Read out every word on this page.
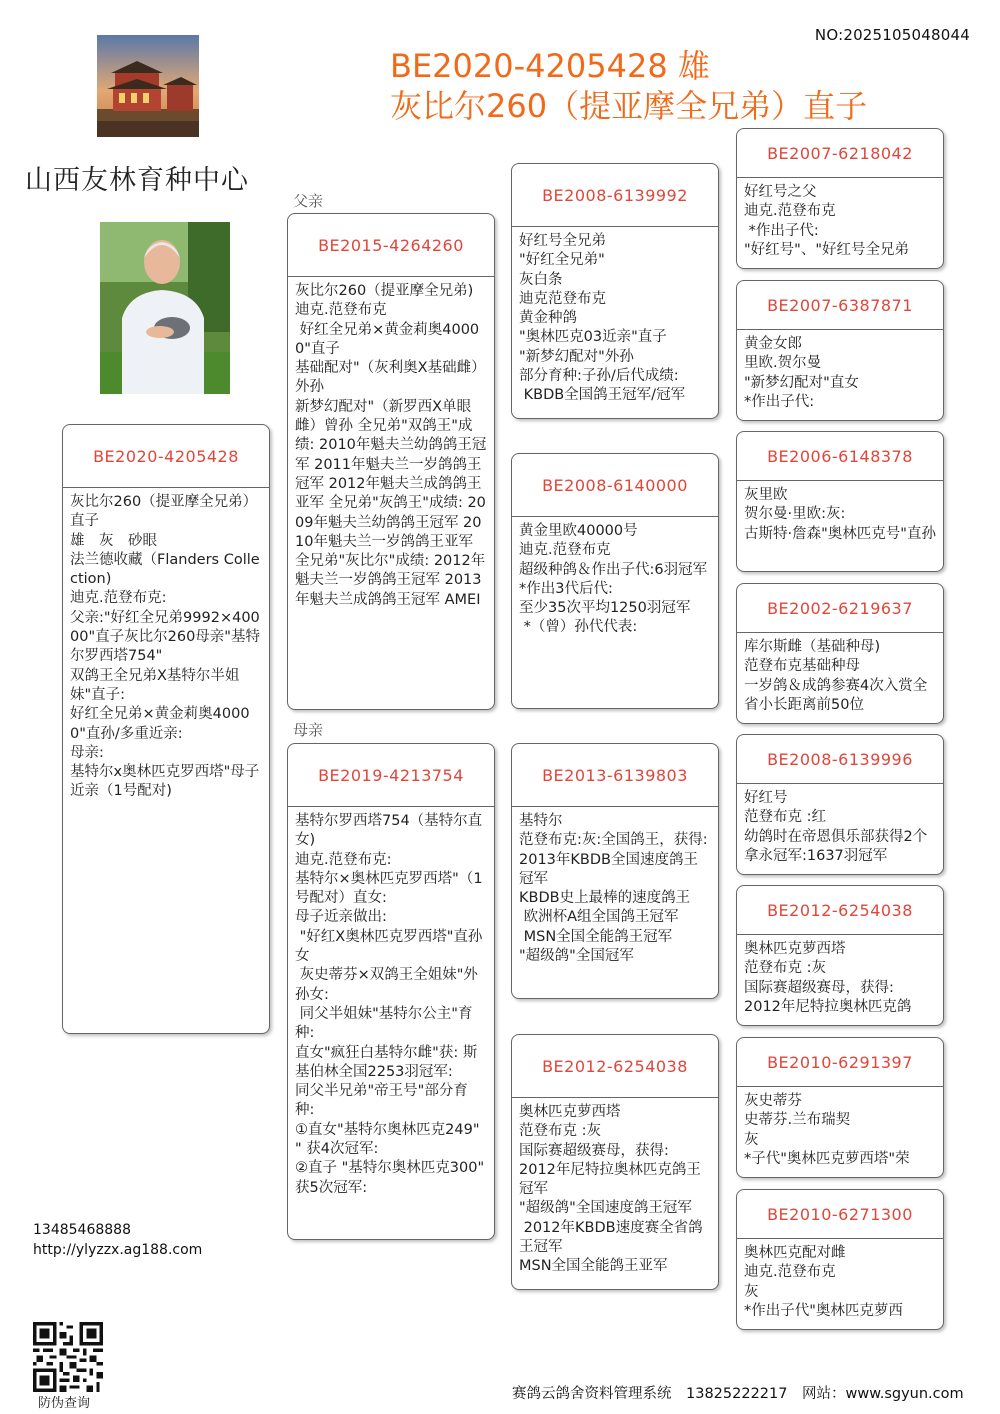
NO:2025105048044
BE2020-4205428 雄
灰比尔260（提亚摩全兄弟）直子
山西友林育种中心
父亲
母亲
BE2020-4205428
灰比尔260（提亚摩全兄弟）直子
雄　灰　砂眼
法兰德收藏（Flanders Collection)
迪克.范登布克:
父亲:"好红全兄弟9992×40000"直子灰比尔260母亲"基特尔罗西塔754"
双鸽王全兄弟X基特尔半姐妹"直子:
好红全兄弟×黄金莉奥40000"直孙/多重近亲:
母亲:
基特尔x奥林匹克罗西塔"母子近亲（1号配对)
BE2015-4264260
灰比尔260（提亚摩全兄弟)
迪克.范登布克
好红全兄弟×黄金莉奥40000"直子
基础配对"（灰利奥X基础雌）外孙
新梦幻配对"（新罗西X单眼雌）曾孙 全兄弟"双鸽王"成绩: 2010年魁夫兰幼鸽鸽王冠军 2011年魁夫兰一岁鸽鸽王冠军 2012年魁夫兰成鸽鸽王亚军 全兄弟"灰鸽王"成绩: 2009年魁夫兰幼鸽鸽王冠军 2010年魁夫兰一岁鸽鸽王亚军 全兄弟"灰比尔"成绩: 2012年魁夫兰一岁鸽鸽王冠军 2013年魁夫兰成鸽鸽王冠军 AMEI
BE2019-4213754
基特尔罗西塔754（基特尔直女)
迪克.范登布克:
基特尔×奥林匹克罗西塔"（1号配对）直女:
母子近亲做出:
"好红X奥林匹克罗西塔"直孙女
灰史蒂芬×双鸽王全姐妹"外孙女:
同父半姐妹"基特尔公主"育种:
直女"疯狂白基特尔雌"获: 斯基伯林全国2253羽冠军:
同父半兄弟"帝王号"部分育种:
①直女"基特尔奥林匹克249" " 获4次冠军:
②直子 "基特尔奥林匹克300" 获5次冠军:
BE2008-6139992
好红号全兄弟
"好红全兄弟"
灰白条
迪克范登布克
黄金种鸽
"奥林匹克03近亲"直子
"新梦幻配对"外孙
部分育种:子孙/后代成绩:
KBDB全国鸽王冠军/冠军
BE2008-6140000
黄金里欧40000号
迪克.范登布克
超级种鸽＆作出子代:6羽冠军
*作出3代后代:
至少35次平均1250羽冠军
*（曾）孙代代表:
BE2013-6139803
基特尔
范登布克:灰:全国鸽王，获得:
2013年KBDB全国速度鸽王冠军
KBDB史上最棒的速度鸽王
欧洲杯A组全国鸽王冠军
MSN全国全能鸽王冠军
"超级鸽"全国冠军
BE2012-6254038
奥林匹克萝西塔
范登布克 :灰
国际赛超级赛母，获得:
2012年尼特拉奥林匹克鸽王冠军
"超级鸽"全国速度鸽王冠军
2012年KBDB速度赛全省鸽王冠军
MSN全国全能鸽王亚军
BE2007-6218042
好红号之父
迪克.范登布克
*作出子代:
"好红号"、"好红号全兄弟
BE2007-6387871
黄金女郎
里欧.贺尔曼
"新梦幻配对"直女
*作出子代:
BE2006-6148378
灰里欧
贺尔曼·里欧:灰:
古斯特·詹森"奥林匹克号"直孙
BE2002-6219637
库尔斯雌（基础种母)
范登布克基础种母
一岁鸽＆成鸽参赛4次入赏全省小长距离前50位
BE2008-6139996
好红号
范登布克 :红
幼鸽时在帝恩俱乐部获得2个拿永冠军:1637羽冠军
BE2012-6254038
奥林匹克萝西塔
范登布克 :灰
国际赛超级赛母，获得:
2012年尼特拉奥林匹克鸽
BE2010-6291397
灰史蒂芬
史蒂芬.兰布瑞契
灰
*子代"奥林匹克萝西塔"荣
BE2010-6271300
奥林匹克配对雌
迪克.范登布克
灰
*作出子代"奥林匹克萝西
13485468888
http://ylyzzx.ag188.com
防伪查询
赛鸽云鸽舍资料管理系统　13825222217　网站：www.sgyun.com
